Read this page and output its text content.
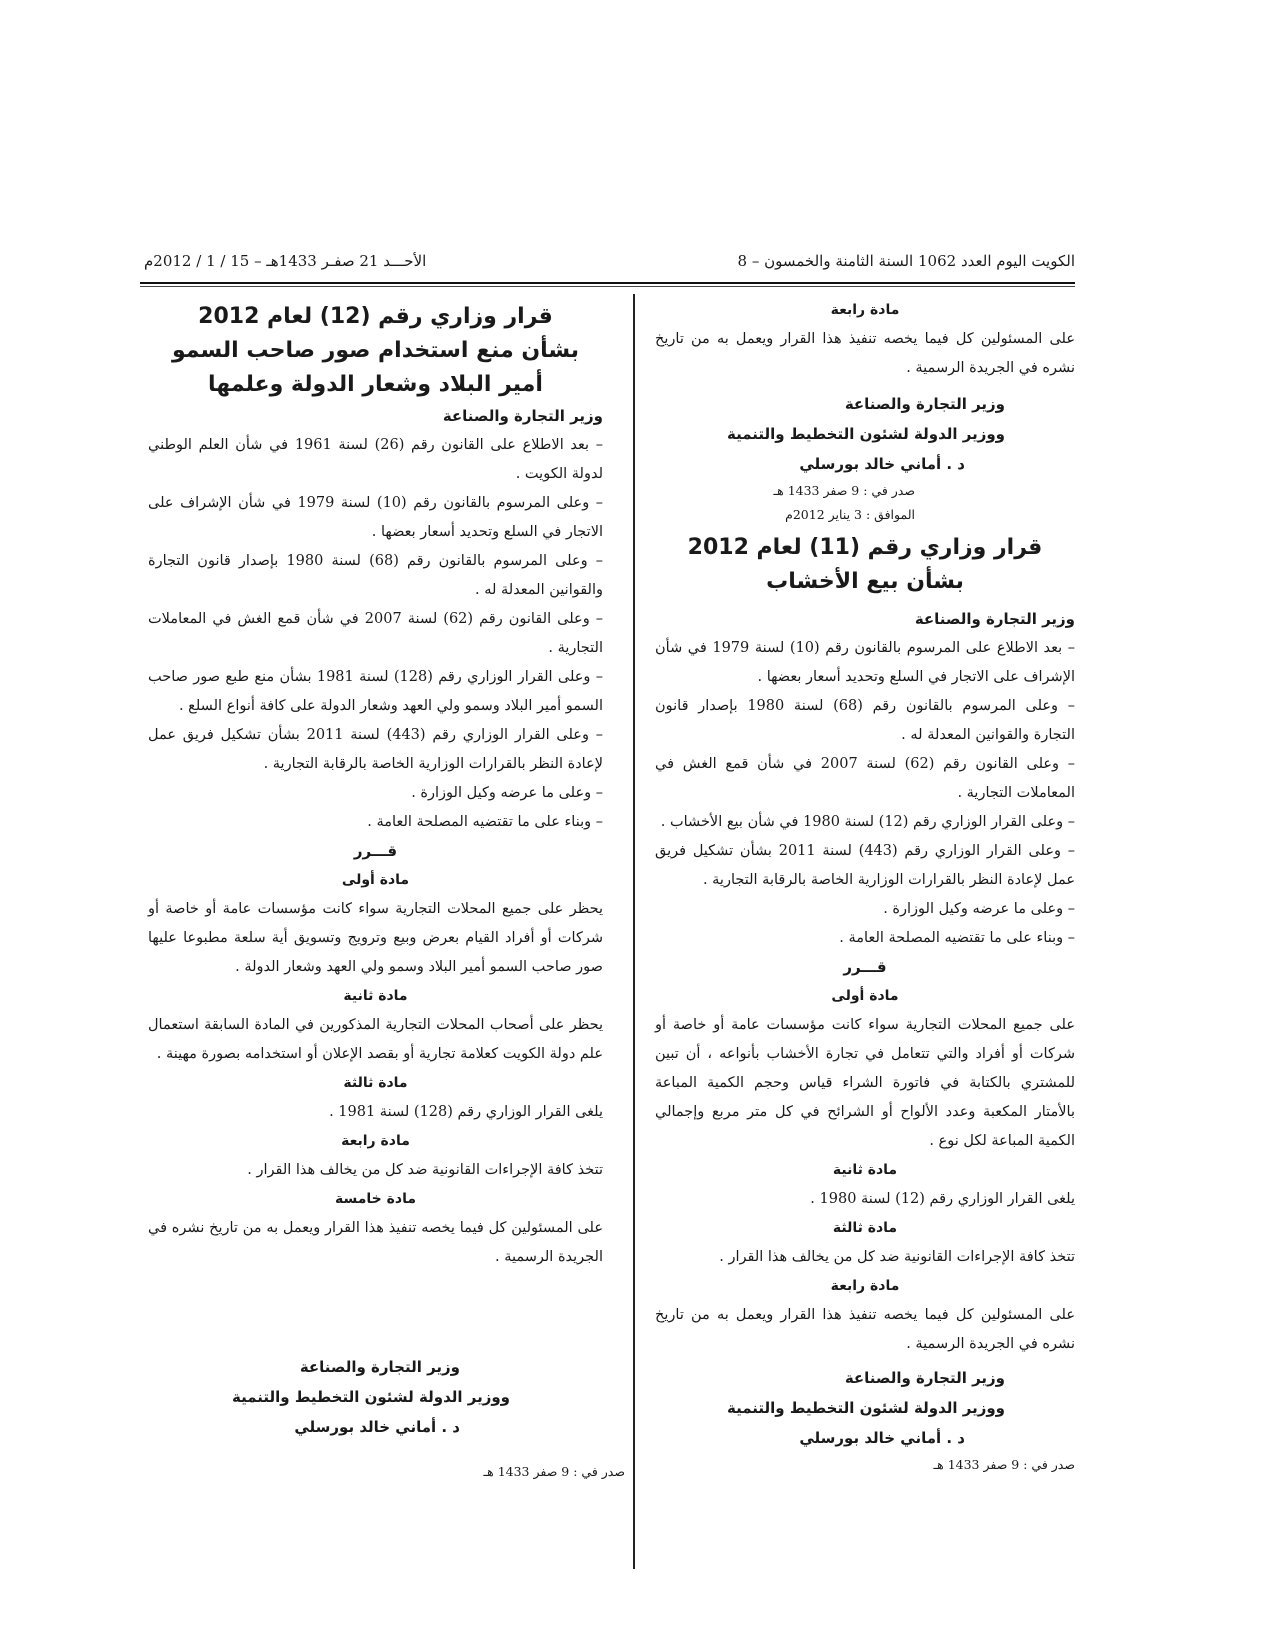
الكويت اليوم العدد 1062 السنة الثامنة والخمسون – 8
الأحـــد 21 صفـر 1433هـ – 15 / 1 / 2012م

مادة رابعة

على المسئولين كل فيما يخصه تنفيذ هذا القرار ويعمل به من تاريخ نشره في الجريدة الرسمية .

وزير التجارة والصناعة

ووزير الدولة لشئون التخطيط والتنمية

د . أماني خالد بورسلي

صدر في : 9 صفر 1433 هـ

الموافق : 3 يناير 2012م

قرار وزاري رقم (11) لعام 2012

بشأن بيع الأخشاب

وزير التجارة والصناعة

– بعد الاطلاع على المرسوم بالقانون رقم (10) لسنة 1979 في شأن الإشراف على الاتجار في السلع وتحديد أسعار بعضها .

– وعلى المرسوم بالقانون رقم (68) لسنة 1980 بإصدار قانون التجارة والقوانين المعدلة له .

– وعلى القانون رقم (62) لسنة 2007 في شأن قمع الغش في المعاملات التجارية .

– وعلى القرار الوزاري رقم (12) لسنة 1980 في شأن بيع الأخشاب .

– وعلى القرار الوزاري رقم (443) لسنة 2011 بشأن تشكيل فريق عمل لإعادة النظر بالقرارات الوزارية الخاصة بالرقابة التجارية .

– وعلى ما عرضه وكيل الوزارة .

– وبناء على ما تقتضيه المصلحة العامة .

قـــرر

مادة أولى

على جميع المحلات التجارية سواء كانت مؤسسات عامة أو خاصة أو شركات أو أفراد والتي تتعامل في تجارة الأخشاب بأنواعه ، أن تبين للمشتري بالكتابة في فاتورة الشراء قياس وحجم الكمية المباعة بالأمتار المكعبة وعدد الألواح أو الشرائح في كل متر مربع وإجمالي الكمية المباعة لكل نوع .

مادة ثانية

يلغى القرار الوزاري رقم (12) لسنة 1980 .

مادة ثالثة

تتخذ كافة الإجراءات القانونية ضد كل من يخالف هذا القرار .

مادة رابعة

على المسئولين كل فيما يخصه تنفيذ هذا القرار ويعمل به من تاريخ نشره في الجريدة الرسمية .

وزير التجارة والصناعة

ووزير الدولة لشئون التخطيط والتنمية

د . أماني خالد بورسلي

صدر في : 9 صفر 1433 هـ

قرار وزاري رقم (12) لعام 2012

بشأن منع استخدام صور صاحب السمو أمير البلاد وشعار الدولة وعلمها

وزير التجارة والصناعة

– بعد الاطلاع على القانون رقم (26) لسنة 1961 في شأن العلم الوطني لدولة الكويت .

– وعلى المرسوم بالقانون رقم (10) لسنة 1979 في شأن الإشراف على الاتجار في السلع وتحديد أسعار بعضها .

– وعلى المرسوم بالقانون رقم (68) لسنة 1980 بإصدار قانون التجارة والقوانين المعدلة له .

– وعلى القانون رقم (62) لسنة 2007 في شأن قمع الغش في المعاملات التجارية .

– وعلى القرار الوزاري رقم (128) لسنة 1981 بشأن منع طبع صور صاحب السمو أمير البلاد وسمو ولي العهد وشعار الدولة على كافة أنواع السلع .

– وعلى القرار الوزاري رقم (443) لسنة 2011 بشأن تشكيل فريق عمل لإعادة النظر بالقرارات الوزارية الخاصة بالرقابة التجارية .

– وعلى ما عرضه وكيل الوزارة .

– وبناء على ما تقتضيه المصلحة العامة .

قـــرر

مادة أولى

يحظر على جميع المحلات التجارية سواء كانت مؤسسات عامة أو خاصة أو شركات أو أفراد القيام بعرض وبيع وترويج وتسويق أية سلعة مطبوعا عليها صور صاحب السمو أمير البلاد وسمو ولي العهد وشعار الدولة .

مادة ثانية

يحظر على أصحاب المحلات التجارية المذكورين في المادة السابقة استعمال علم دولة الكويت كعلامة تجارية أو بقصد الإعلان أو استخدامه بصورة مهينة .

مادة ثالثة

يلغى القرار الوزاري رقم (128) لسنة 1981 .

مادة رابعة

تتخذ كافة الإجراءات القانونية ضد كل من يخالف هذا القرار .

مادة خامسة

على المسئولين كل فيما يخصه تنفيذ هذا القرار ويعمل به من تاريخ نشره في الجريدة الرسمية .

وزير التجارة والصناعة

ووزير الدولة لشئون التخطيط والتنمية

د . أماني خالد بورسلي

صدر في : 9 صفر 1433 هـ
